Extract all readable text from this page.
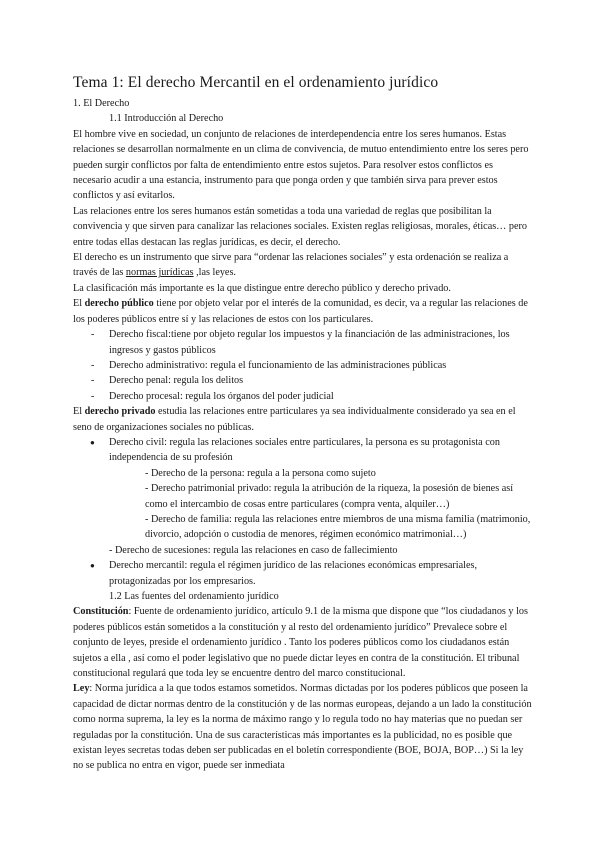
Tema 1: El derecho Mercantil en el ordenamiento jurídico

1. El Derecho

1.1 Introducción al Derecho

El hombre vive en sociedad, un conjunto de relaciones de interdependencia entre los seres humanos. Estas relaciones se desarrollan normalmente en un clima de convivencia, de mutuo entendimiento entre los seres pero pueden surgir conflictos por falta de entendimiento entre estos sujetos. Para resolver estos conflictos es necesario acudir a una estancia, instrumento para que ponga orden y que también sirva para prever estos conflictos y así evitarlos.

Las relaciones entre los seres humanos están sometidas a toda una variedad de reglas que posibilitan la convivencia y que sirven para canalizar las relaciones sociales. Existen reglas religiosas, morales, éticas… pero entre todas ellas destacan las reglas jurídicas, es decir, el derecho.

El derecho es un instrumento que sirve para “ordenar las relaciones sociales” y esta ordenación se realiza a través de las normas jurídicas ,las leyes.

La clasificación más importante es la que distingue entre derecho público y derecho privado.

El derecho público tiene por objeto velar por el interés de la comunidad, es decir, va a regular las relaciones de los poderes públicos entre sí y las relaciones de estos con los particulares.

- Derecho fiscal:tiene por objeto regular los impuestos y la financiación de las administraciones, los ingresos y gastos públicos
- Derecho administrativo: regula el funcionamiento de las administraciones públicas
- Derecho penal: regula los delitos
- Derecho procesal: regula los órganos del poder judicial

El derecho privado estudia las relaciones entre particulares ya sea individualmente considerado ya sea en el seno de organizaciones sociales no públicas.

● Derecho civil: regula las relaciones sociales entre particulares, la persona es su protagonista con independencia de su profesión

- Derecho de la persona: regula a la persona como sujeto

- Derecho patrimonial privado: regula la atribución de la riqueza, la posesión de bienes así como el intercambio de cosas entre particulares (compra venta, alquiler…)

- Derecho de familia: regula las relaciones entre miembros de una misma familia (matrimonio, divorcio, adopción o custodia de menores, régimen económico matrimonial…)

- Derecho de sucesiones: regula las relaciones en caso de fallecimiento

● Derecho mercantil: regula el régimen jurídico de las relaciones económicas empresariales, protagonizadas por los empresarios.

1.2 Las fuentes del ordenamiento jurídico

Constitución: Fuente de ordenamiento jurídico, artículo 9.1 de la misma que dispone que “los ciudadanos y los poderes públicos están sometidos a la constitución y al resto del ordenamiento jurídico” Prevalece sobre el conjunto de leyes, preside el ordenamiento jurídico . Tanto los poderes públicos como los ciudadanos están sujetos a ella , así como el poder legislativo que no puede dictar leyes en contra de la constitución. El tribunal constitucional regulará que toda ley se encuentre dentro del marco constitucional.

Ley: Norma jurídica a la que todos estamos sometidos. Normas dictadas por los poderes públicos que poseen la capacidad de dictar normas dentro de la constitución y de las normas europeas, dejando a un lado la constitución como norma suprema, la ley es la norma de máximo rango y lo regula todo no hay materias que no puedan ser reguladas por la constitución. Una de sus características más importantes es la publicidad, no es posible que existan leyes secretas todas deben ser publicadas en el boletín correspondiente (BOE, BOJA, BOP…) Si la ley no se publica no entra en vigor, puede ser inmediata
